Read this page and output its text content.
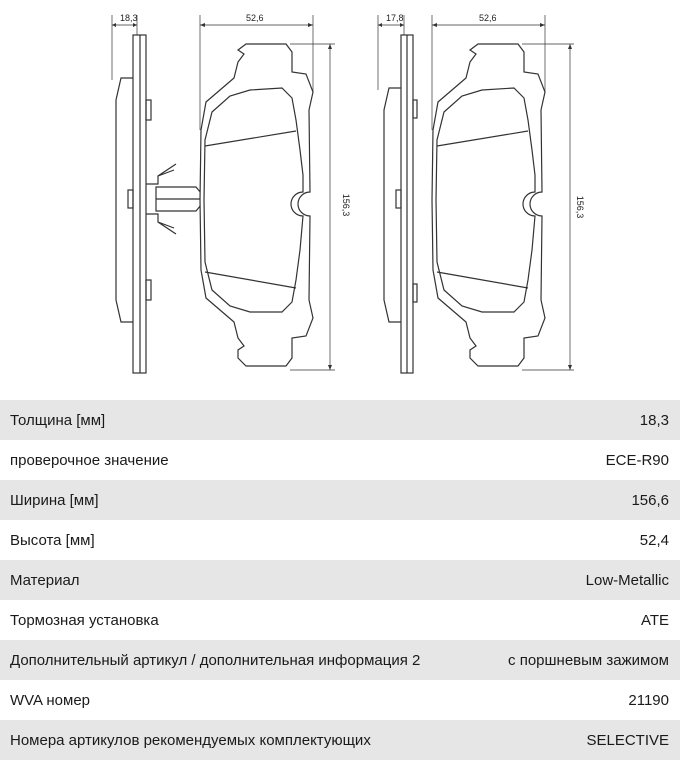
18,3	52,6
156,3
17,8	52,6
156,3
Толщина [мм]	18,3
проверочное значение	ECE-R90
Ширина [мм]	156,6
Высота [мм]	52,4
Материал	Low-Metallic
Тормозная установка	ATE
Дополнительный артикул / дополнительная информация 2	с поршневым зажимом
WVA номер	21190
Номера артикулов рекомендуемых комплектующих	SELECTIVE
